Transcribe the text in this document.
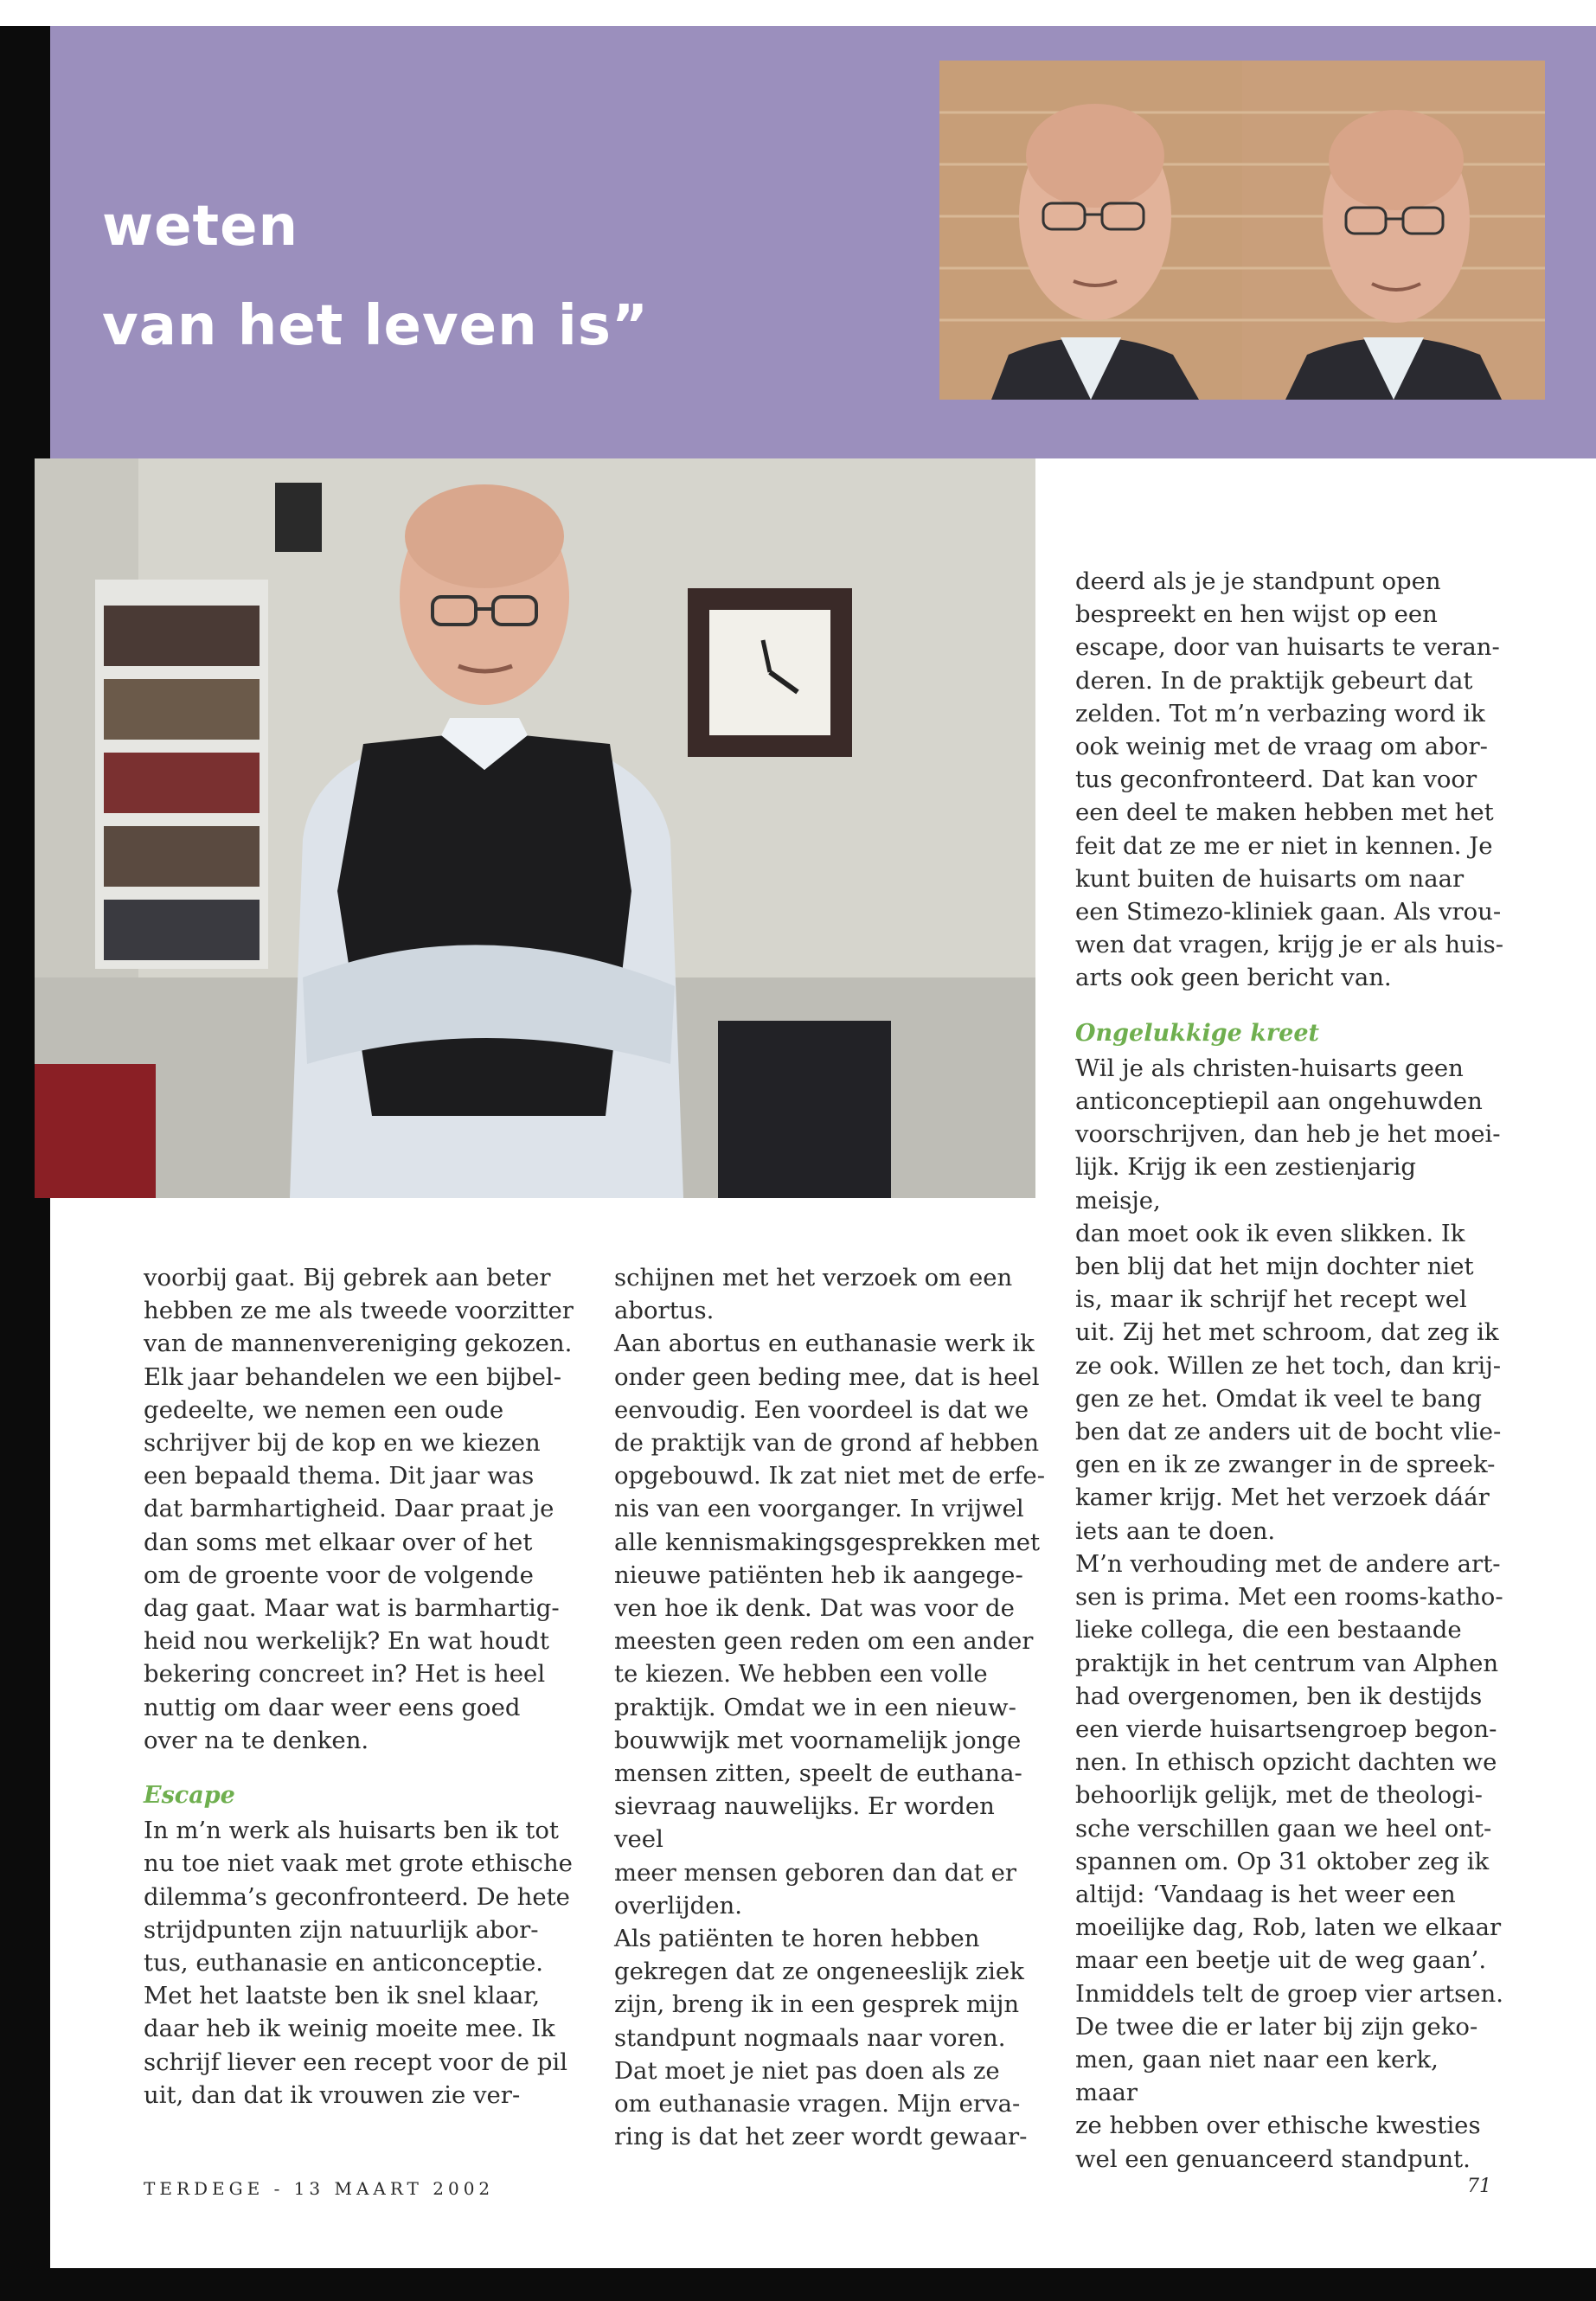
weten
van het leven is”

voorbij gaat. Bij gebrek aan beter

hebben ze me als tweede voorzitter

van de mannenvereniging gekozen.

Elk jaar behandelen we een bijbel-

gedeelte, we nemen een oude

schrijver bij de kop en we kiezen

een bepaald thema. Dit jaar was

dat barmhartigheid. Daar praat je

dan soms met elkaar over of het

om de groente voor de volgende

dag gaat. Maar wat is barmhartig-

heid nou werkelijk? En wat houdt

bekering concreet in? Het is heel

nuttig om daar weer eens goed

over na te denken.

Escape

In m’n werk als huisarts ben ik tot

nu toe niet vaak met grote ethische

dilemma’s geconfronteerd. De hete

strijdpunten zijn natuurlijk abor-

tus, euthanasie en anticonceptie.

Met het laatste ben ik snel klaar,

daar heb ik weinig moeite mee. Ik

schrijf liever een recept voor de pil

uit, dan dat ik vrouwen zie ver-

schijnen met het verzoek om een

abortus.

Aan abortus en euthanasie werk ik

onder geen beding mee, dat is heel

eenvoudig. Een voordeel is dat we

de praktijk van de grond af hebben

opgebouwd. Ik zat niet met de erfe-

nis van een voorganger. In vrijwel

alle kennismakingsgesprekken met

nieuwe patiënten heb ik aangege-

ven hoe ik denk. Dat was voor de

meesten geen reden om een ander

te kiezen. We hebben een volle

praktijk. Omdat we in een nieuw-

bouwwijk met voornamelijk jonge

mensen zitten, speelt de euthana-

sievraag nauwelijks. Er worden veel

meer mensen geboren dan dat er

overlijden.

Als patiënten te horen hebben

gekregen dat ze ongeneeslijk ziek

zijn, breng ik in een gesprek mijn

standpunt nogmaals naar voren.

Dat moet je niet pas doen als ze

om euthanasie vragen. Mijn erva-

ring is dat het zeer wordt gewaar-

deerd als je je standpunt open

bespreekt en hen wijst op een

escape, door van huisarts te veran-

deren. In de praktijk gebeurt dat

zelden. Tot m’n verbazing word ik

ook weinig met de vraag om abor-

tus geconfronteerd. Dat kan voor

een deel te maken hebben met het

feit dat ze me er niet in kennen. Je

kunt buiten de huisarts om naar

een Stimezo-kliniek gaan. Als vrou-

wen dat vragen, krijg je er als huis-

arts ook geen bericht van.

Ongelukkige kreet

Wil je als christen-huisarts geen

anticonceptiepil aan ongehuwden

voorschrijven, dan heb je het moei-

lijk. Krijg ik een zestienjarig meisje,

dan moet ook ik even slikken. Ik

ben blij dat het mijn dochter niet

is, maar ik schrijf het recept wel

uit. Zij het met schroom, dat zeg ik

ze ook. Willen ze het toch, dan krij-

gen ze het. Omdat ik veel te bang

ben dat ze anders uit de bocht vlie-

gen en ik ze zwanger in de spreek-

kamer krijg. Met het verzoek dáár

iets aan te doen.

M’n verhouding met de andere art-

sen is prima. Met een rooms-katho-

lieke collega, die een bestaande

praktijk in het centrum van Alphen

had overgenomen, ben ik destijds

een vierde huisartsengroep begon-

nen. In ethisch opzicht dachten we

behoorlijk gelijk, met de theologi-

sche verschillen gaan we heel ont-

spannen om. Op 31 oktober zeg ik

altijd: ‘Vandaag is het weer een

moeilijke dag, Rob, laten we elkaar

maar een beetje uit de weg gaan’.

Inmiddels telt de groep vier artsen.

De twee die er later bij zijn geko-

men, gaan niet naar een kerk, maar

ze hebben over ethische kwesties

wel een genuanceerd standpunt.

TERDEGE - 13 MAART 2002	71
